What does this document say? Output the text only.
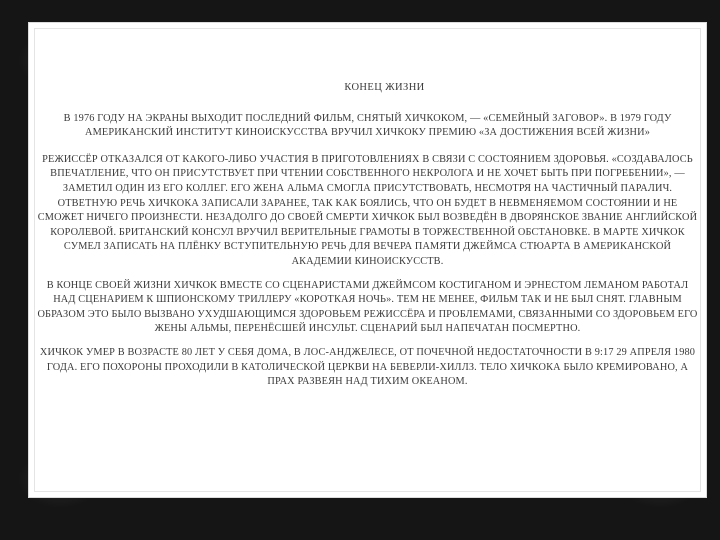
КОНЕЦ ЖИЗНИ
В 1976 ГОДУ НА ЭКРАНЫ ВЫХОДИТ ПОСЛЕДНИЙ ФИЛЬМ, СНЯТЫЙ ХИЧКОКОМ, — «СЕМЕЙНЫЙ ЗАГОВОР». В 1979 ГОДУ АМЕРИКАНСКИЙ ИНСТИТУТ КИНОИСКУССТВА ВРУЧИЛ ХИЧКОКУ ПРЕМИЮ «ЗА ДОСТИЖЕНИЯ ВСЕЙ ЖИЗНИ»
РЕЖИССЁР ОТКАЗАЛСЯ ОТ КАКОГО-ЛИБО УЧАСТИЯ В ПРИГОТОВЛЕНИЯХ В СВЯЗИ С СОСТОЯНИЕМ ЗДОРОВЬЯ. «СОЗДАВАЛОСЬ ВПЕЧАТЛЕНИЕ, ЧТО ОН ПРИСУТСТВУЕТ ПРИ ЧТЕНИИ СОБСТВЕННОГО НЕКРОЛОГА И НЕ ХОЧЕТ БЫТЬ ПРИ ПОГРЕБЕНИИ», — ЗАМЕТИЛ ОДИН ИЗ ЕГО КОЛЛЕГ. ЕГО ЖЕНА АЛЬМА СМОГЛА ПРИСУТСТВОВАТЬ, НЕСМОТРЯ НА ЧАСТИЧНЫЙ ПАРАЛИЧ. ОТВЕТНУЮ РЕЧЬ ХИЧКОКА ЗАПИСАЛИ ЗАРАНЕЕ, ТАК КАК БОЯЛИСЬ, ЧТО ОН БУДЕТ В НЕВМЕНЯЕМОМ СОСТОЯНИИ И НЕ СМОЖЕТ НИЧЕГО ПРОИЗНЕСТИ. НЕЗАДОЛГО ДО СВОЕЙ СМЕРТИ ХИЧКОК БЫЛ ВОЗВЕДЁН В ДВОРЯНСКОЕ ЗВАНИЕ АНГЛИЙСКОЙ КОРОЛЕВОЙ. БРИТАНСКИЙ КОНСУЛ ВРУЧИЛ ВЕРИТЕЛЬНЫЕ ГРАМОТЫ В ТОРЖЕСТВЕННОЙ ОБСТАНОВКЕ. В МАРТЕ ХИЧКОК СУМЕЛ ЗАПИСАТЬ НА ПЛЁНКУ ВСТУПИТЕЛЬНУЮ РЕЧЬ ДЛЯ ВЕЧЕРА ПАМЯТИ ДЖЕЙМСА СТЮАРТА В АМЕРИКАНСКОЙ АКАДЕМИИ КИНОИСКУССТВ.
В КОНЦЕ СВОЕЙ ЖИЗНИ ХИЧКОК ВМЕСТЕ СО СЦЕНАРИСТАМИ ДЖЕЙМСОМ КОСТИГАНОМ И ЭРНЕСТОМ ЛЕМАНОМ РАБОТАЛ НАД СЦЕНАРИЕМ К ШПИОНСКОМУ ТРИЛЛЕРУ «КОРОТКАЯ НОЧЬ». ТЕМ НЕ МЕНЕЕ, ФИЛЬМ ТАК И НЕ БЫЛ СНЯТ. ГЛАВНЫМ ОБРАЗОМ ЭТО БЫЛО ВЫЗВАНО УХУДШАЮЩИМСЯ ЗДОРОВЬЕМ РЕЖИССЁРА И ПРОБЛЕМАМИ, СВЯЗАННЫМИ СО ЗДОРОВЬЕМ ЕГО ЖЕНЫ АЛЬМЫ, ПЕРЕНЁСШЕЙ ИНСУЛЬТ. СЦЕНАРИЙ БЫЛ НАПЕЧАТАН ПОСМЕРТНО.
ХИЧКОК УМЕР В ВОЗРАСТЕ 80 ЛЕТ У СЕБЯ ДОМА, В ЛОС-АНДЖЕЛЕСЕ, ОТ ПОЧЕЧНОЙ НЕДОСТАТОЧНОСТИ В 9:17 29 АПРЕЛЯ 1980 ГОДА. ЕГО ПОХОРОНЫ ПРОХОДИЛИ В КАТОЛИЧЕСКОЙ ЦЕРКВИ НА БЕВЕРЛИ-ХИЛЛЗ. ТЕЛО ХИЧКОКА БЫЛО КРЕМИРОВАНО, А ПРАХ РАЗВЕЯН НАД ТИХИМ ОКЕАНОМ.
